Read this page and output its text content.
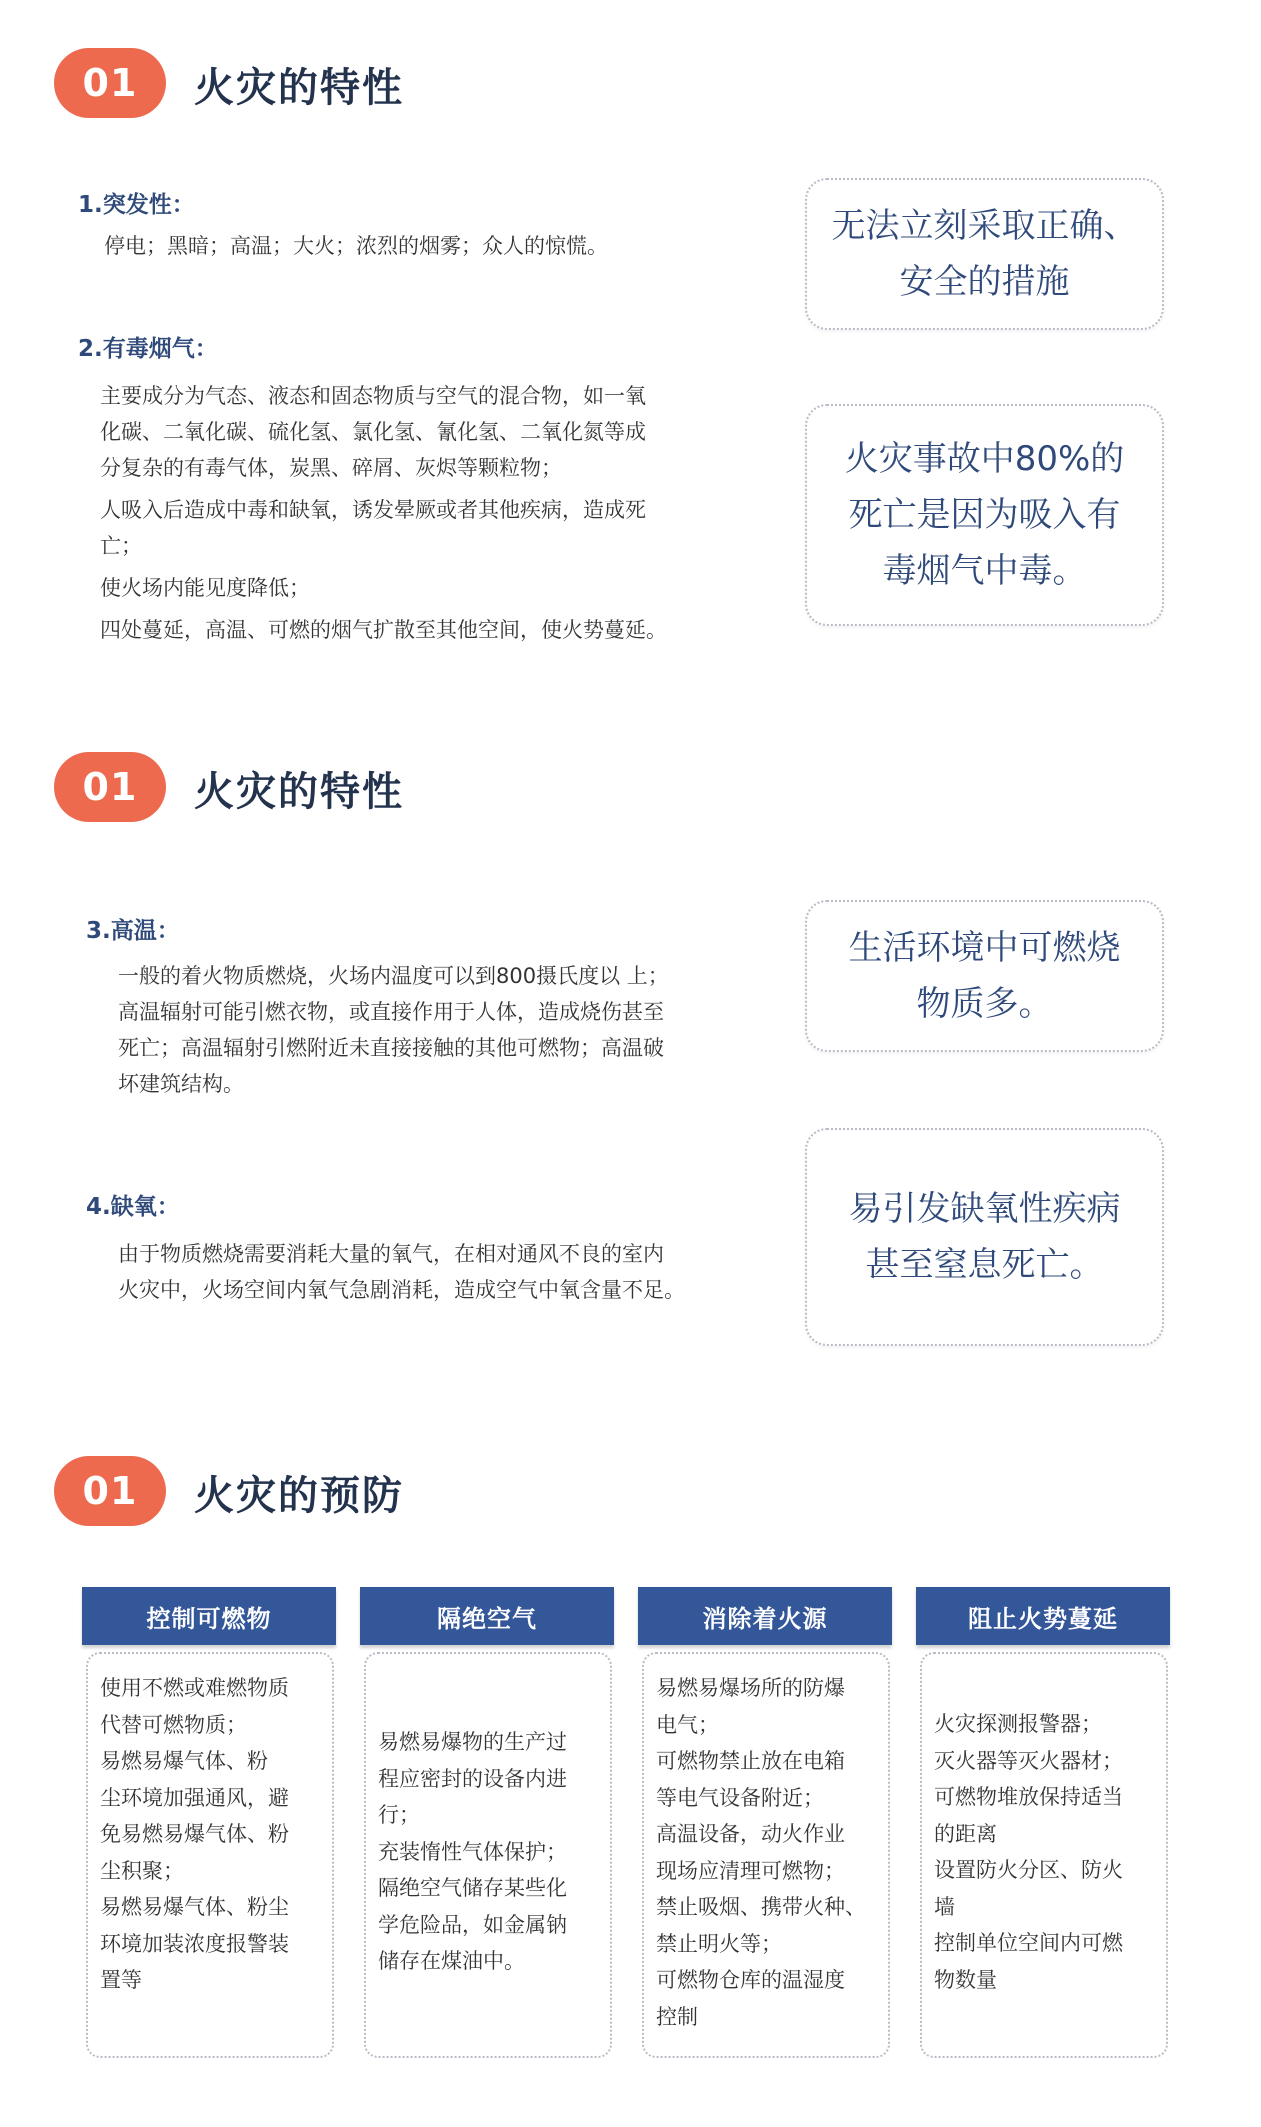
01	火灾的特性
1.突发性：
停电；黑暗；高温；大火；浓烈的烟雾；众人的惊慌。	无法立刻采取正确、
安全的措施
2.有毒烟气：
主要成分为气态、液态和固态物质与空气的混合物，如一氧
化碳、二氧化碳、硫化氢、氯化氢、氰化氢、二氧化氮等成
分复杂的有毒气体，炭黑、碎屑、灰烬等颗粒物；
人吸入后造成中毒和缺氧，诱发晕厥或者其他疾病，造成死
亡；
使火场内能见度降低；
四处蔓延，高温、可燃的烟气扩散至其他空间，使火势蔓延。
火灾事故中80%的
死亡是因为吸入有
毒烟气中毒。
01	火灾的特性
3.高温：
一般的着火物质燃烧，火场内温度可以到800摄氏度以 上；
高温辐射可能引燃衣物，或直接作用于人体，造成烧伤甚至
死亡；高温辐射引燃附近未直接接触的其他可燃物；高温破
坏建筑结构。
生活环境中可燃烧
物质多。
4.缺氧：
由于物质燃烧需要消耗大量的氧气，在相对通风不良的室内
火灾中，火场空间内氧气急剧消耗，造成空气中氧含量不足。
易引发缺氧性疾病
甚至窒息死亡。
01	火灾的预防
控制可燃物
使用不燃或难燃物质
代替可燃物质；
易燃易爆气体、粉
尘环境加强通风，避
免易燃易爆气体、粉
尘积聚；
易燃易爆气体、粉尘
环境加装浓度报警装
置等
隔绝空气
易燃易爆物的生产过
程应密封的设备内进
行；
充装惰性气体保护；
隔绝空气储存某些化
学危险品，如金属钠
储存在煤油中。
消除着火源
易燃易爆场所的防爆
电气；
可燃物禁止放在电箱
等电气设备附近；
高温设备，动火作业
现场应清理可燃物；
禁止吸烟、携带火种、
禁止明火等；
可燃物仓库的温湿度
控制
阻止火势蔓延
火灾探测报警器；
灭火器等灭火器材；
可燃物堆放保持适当
的距离
设置防火分区、防火
墙
控制单位空间内可燃
物数量
